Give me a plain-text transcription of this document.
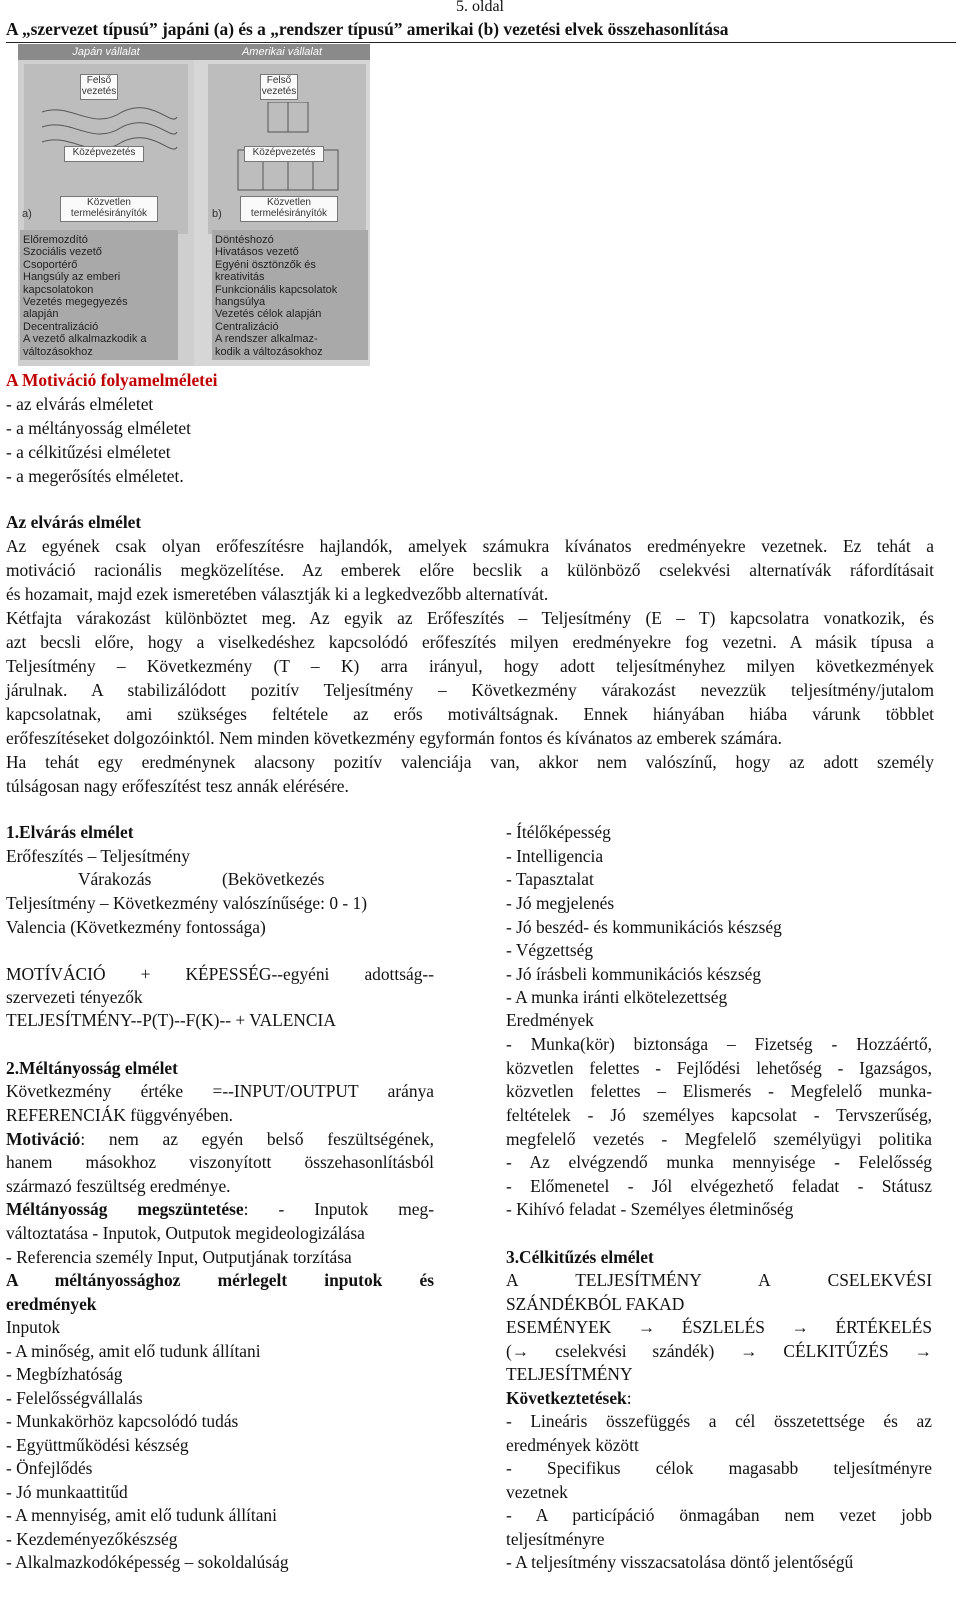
5. oldal
A „szervezet típusú” japáni (a) és a „rendszer típusú” amerikai (b) vezetési elvek összehasonlítása
Japán vállalat
Felső vezetés
Középvezetés
Közvetlen termelésirányítók
a)
Előremozdító
Szociális vezető
Csoportérő
Hangsúly az emberi
kapcsolatokon
Vezetés megegyezés
alapján
Decentralizáció
A vezető alkalmazkodik a
változásokhoz
Amerikai vállalat
Felső vezetés
Középvezetés
Közvetlen termelésirányítók
b)
Döntéshozó
Hivatásos vezető
Egyéni ösztönzők és
kreativitás
Funkcionális kapcsolatok
hangsúlya
Vezetés célok alapján
Centralizáció
A rendszer alkalmaz-
kodik a változásokhoz
A Motiváció folyamelméletei
- az elvárás elméletet
- a méltányosság elméletet
- a célkitűzési elméletet
- a megerősítés elméletet.
Az elvárás elmélet
Az egyének csak olyan erőfeszítésre hajlandók, amelyek számukra kívánatos eredményekre vezetnek. Ez tehát a
motiváció racionális megközelítése. Az emberek előre becslik a különböző cselekvési alternatívák ráfordításait
és hozamait, majd ezek ismeretében választják ki a legkedvezőbb alternatívát.
Kétfajta várakozást különböztet meg. Az egyik az Erőfeszítés – Teljesítmény (E – T) kapcsolatra vonatkozik, és
azt becsli előre, hogy a viselkedéshez kapcsolódó erőfeszítés milyen eredményekre fog vezetni. A másik típusa a
Teljesítmény – Következmény (T – K) arra irányul, hogy adott teljesítményhez milyen következmények
járulnak. A stabilizálódott pozitív Teljesítmény – Következmény várakozást nevezzük teljesítmény/jutalom
kapcsolatnak, ami szükséges feltétele az erős motiváltságnak. Ennek hiányában hiába várunk többlet
erőfeszítéseket dolgozóinktól. Nem minden következmény egyformán fontos és kívánatos az emberek számára.
Ha tehát egy eredménynek alacsony pozitív valenciája van, akkor nem valószínű, hogy az adott személy
túlságosan nagy erőfeszítést tesz annák elérésére.
1.Elvárás elmélet
Erőfeszítés – Teljesítmény
Várakozás	(Bekövetkezés
Teljesítmény – Következmény valószínűsége: 0 - 1)
Valencia (Következmény fontossága)
MOTÍVÁCIÓ + KÉPESSÉG--egyéni adottság--
szervezeti tényezők
TELJESÍTMÉNY--P(T)--F(K)-- + VALENCIA
2.Méltányosság elmélet
Következmény értéke =--INPUT/OUTPUT aránya
REFERENCIÁK függvényében.
Motiváció: nem az egyén belső feszültségének,
hanem másokhoz viszonyított összehasonlításból
származó feszültség eredménye.
Méltányosság megszüntetése: - Inputok meg-
változtatása - Inputok, Outputok megideologizálása
- Referencia személy Input, Outputjának torzítása
A méltányossághoz mérlegelt inputok és
eredmények
Inputok
- A minőség, amit elő tudunk állítani
- Megbízhatóság
- Felelősségvállalás
- Munkakörhöz kapcsolódó tudás
- Együttműködési készség
- Önfejlődés
- Jó munkaattitűd
- A mennyiség, amit elő tudunk állítani
- Kezdeményezőkészség
- Alkalmazkodóképesség – sokoldalúság
- Ítélőképesség
- Intelligencia
- Tapasztalat
- Jó megjelenés
- Jó beszéd- és kommunikációs készség
- Végzettség
- Jó írásbeli kommunikációs készség
- A munka iránti elkötelezettség
Eredmények
- Munka(kör) biztonsága – Fizetség - Hozzáértő,
közvetlen felettes - Fejlődési lehetőség - Igazságos,
közvetlen felettes – Elismerés - Megfelelő munka-
feltételek - Jó személyes kapcsolat - Tervszerűség,
megfelelő vezetés - Megfelelő személyügyi politika
- Az elvégzendő munka mennyisége - Felelősség
- Előmenetel - Jól elvégezhető feladat - Státusz
- Kihívó feladat - Személyes életminőség
3.Célkitűzés elmélet
A TELJESÍTMÉNY A CSELEKVÉSI
SZÁNDÉKBÓL FAKAD
ESEMÉNYEK → ÉSZLELÉS → ÉRTÉKELÉS
(→ cselekvési szándék) → CÉLKITŰZÉS →
TELJESÍTMÉNY
Következtetések:
- Lineáris összefüggés a cél összetettsége és az
eredmények között
- Specifikus célok magasabb teljesítményre
vezetnek
- A particípáció önmagában nem vezet jobb
teljesítményre
- A teljesítmény visszacsatolása döntő jelentőségű
